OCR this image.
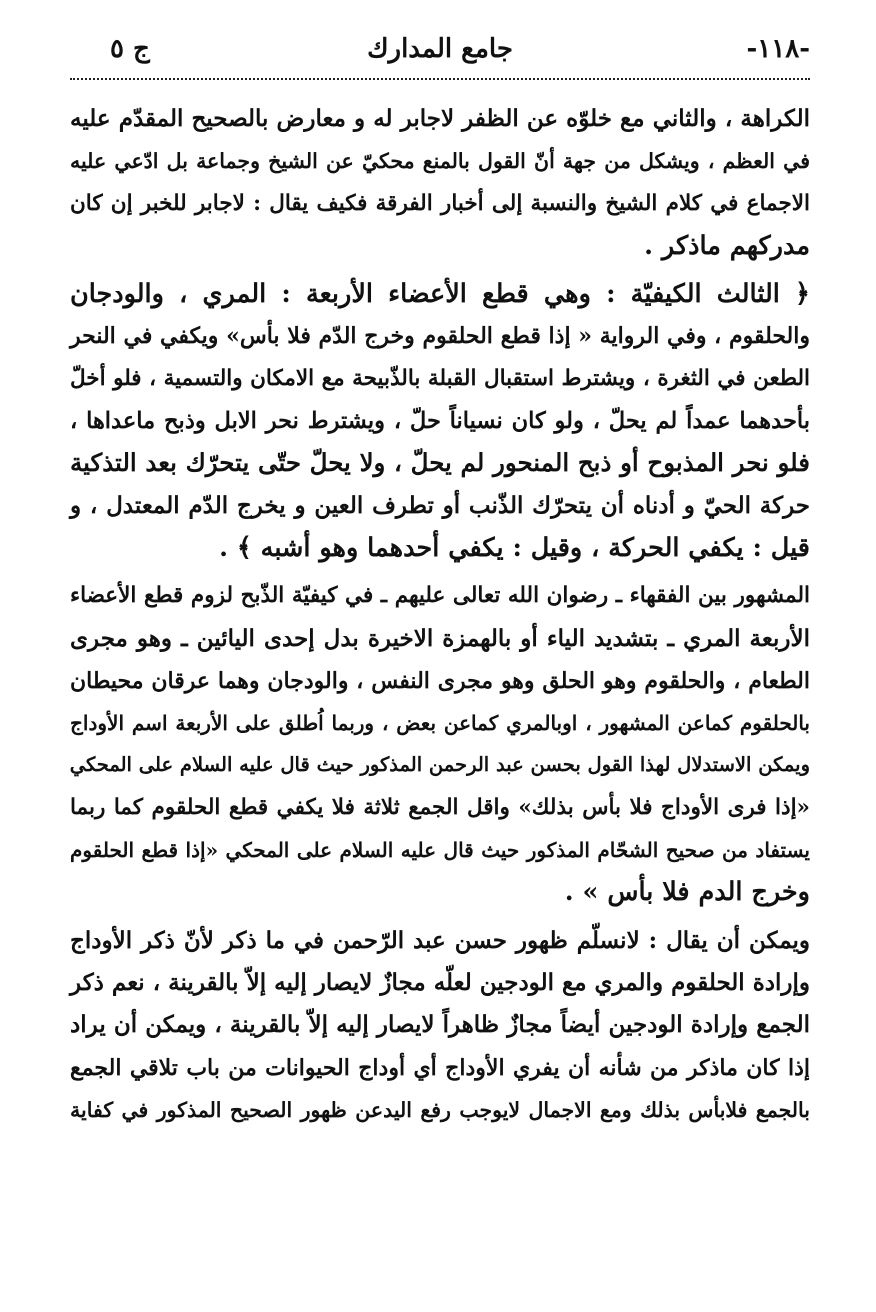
-۱۱۸-
جامع المدارك
ج ٥
الكراهة ، والثاني مع خلوّه عن الظفر لاجابر له و معارض بالصحيح المقدّم عليه
في العظم ، ويشكل من جهة أنّ القول بالمنع محكيّ عن الشيخ وجماعة بل ادّعي عليه
الاجماع في كلام الشيخ والنسبة إلى أخبار الفرقة فكيف يقال : لاجابر للخبر إن كان
مدركهم ماذكر .
﴿ الثالث الكيفيّة : وهي قطع الأعضاء الأربعة : المري ، والودجان
والحلقوم ، وفي الرواية « إذا قطع الحلقوم وخرج الدّم فلا بأس» ويكفي في النحر
الطعن في الثغرة ، ويشترط استقبال القبلة بالذّبيحة مع الامكان والتسمية ، فلو أخلّ
بأحدهما عمداً لم يحلّ ، ولو كان نسياناً حلّ ، ويشترط نحر الابل وذبح ماعداها ،
فلو نحر المذبوح أو ذبح المنحور لم يحلّ ، ولا يحلّ حتّى يتحرّك بعد التذكية
حركة الحيّ و أدناه أن يتحرّك الذّنب أو تطرف العين و يخرج الدّم المعتدل ، و
قيل : يكفي الحركة ، وقيل : يكفي أحدهما وهو أشبه ﴾ .
المشهور بين الفقهاء ـ رضوان الله تعالى عليهم ـ في كيفيّة الذّبح لزوم قطع الأعضاء
الأربعة المري ـ بتشديد الياء أو بالهمزة الاخيرة بدل إحدى اليائين ـ وهو مجرى
الطعام ، والحلقوم وهو الحلق وهو مجرى النفس ، والودجان وهما عرقان محيطان
بالحلقوم كماعن المشهور ، اوبالمري كماعن بعض ، وربما اُطلق على الأربعة اسم الأوداج
ويمكن الاستدلال لهذا القول بحسن عبد الرحمن المذكور حيث قال عليه السلام على المحكي
«إذا فرى الأوداج فلا بأس بذلك» واقل الجمع ثلاثة فلا يكفي قطع الحلقوم كما ربما
يستفاد من صحيح الشحّام المذكور حيث قال عليه السلام على المحكي «إذا قطع الحلقوم
وخرج الدم فلا بأس » .
ويمكن أن يقال : لانسلّم ظهور حسن عبد الرّحمن في ما ذكر لأنّ ذكر الأوداج
وإرادة الحلقوم والمري مع الودجين لعلّه مجازٌ لايصار إليه إلاّ بالقرينة ، نعم ذكر
الجمع وإرادة الودجين أيضاً مجازٌ ظاهراً لايصار إليه إلاّ بالقرينة ، ويمكن أن يراد
إذا كان ماذكر من شأنه أن يفري الأوداج أي أوداج الحيوانات من باب تلاقي الجمع
بالجمع فلابأس بذلك ومع الاجمال لايوجب رفع اليدعن ظهور الصحيح المذكور في كفاية
